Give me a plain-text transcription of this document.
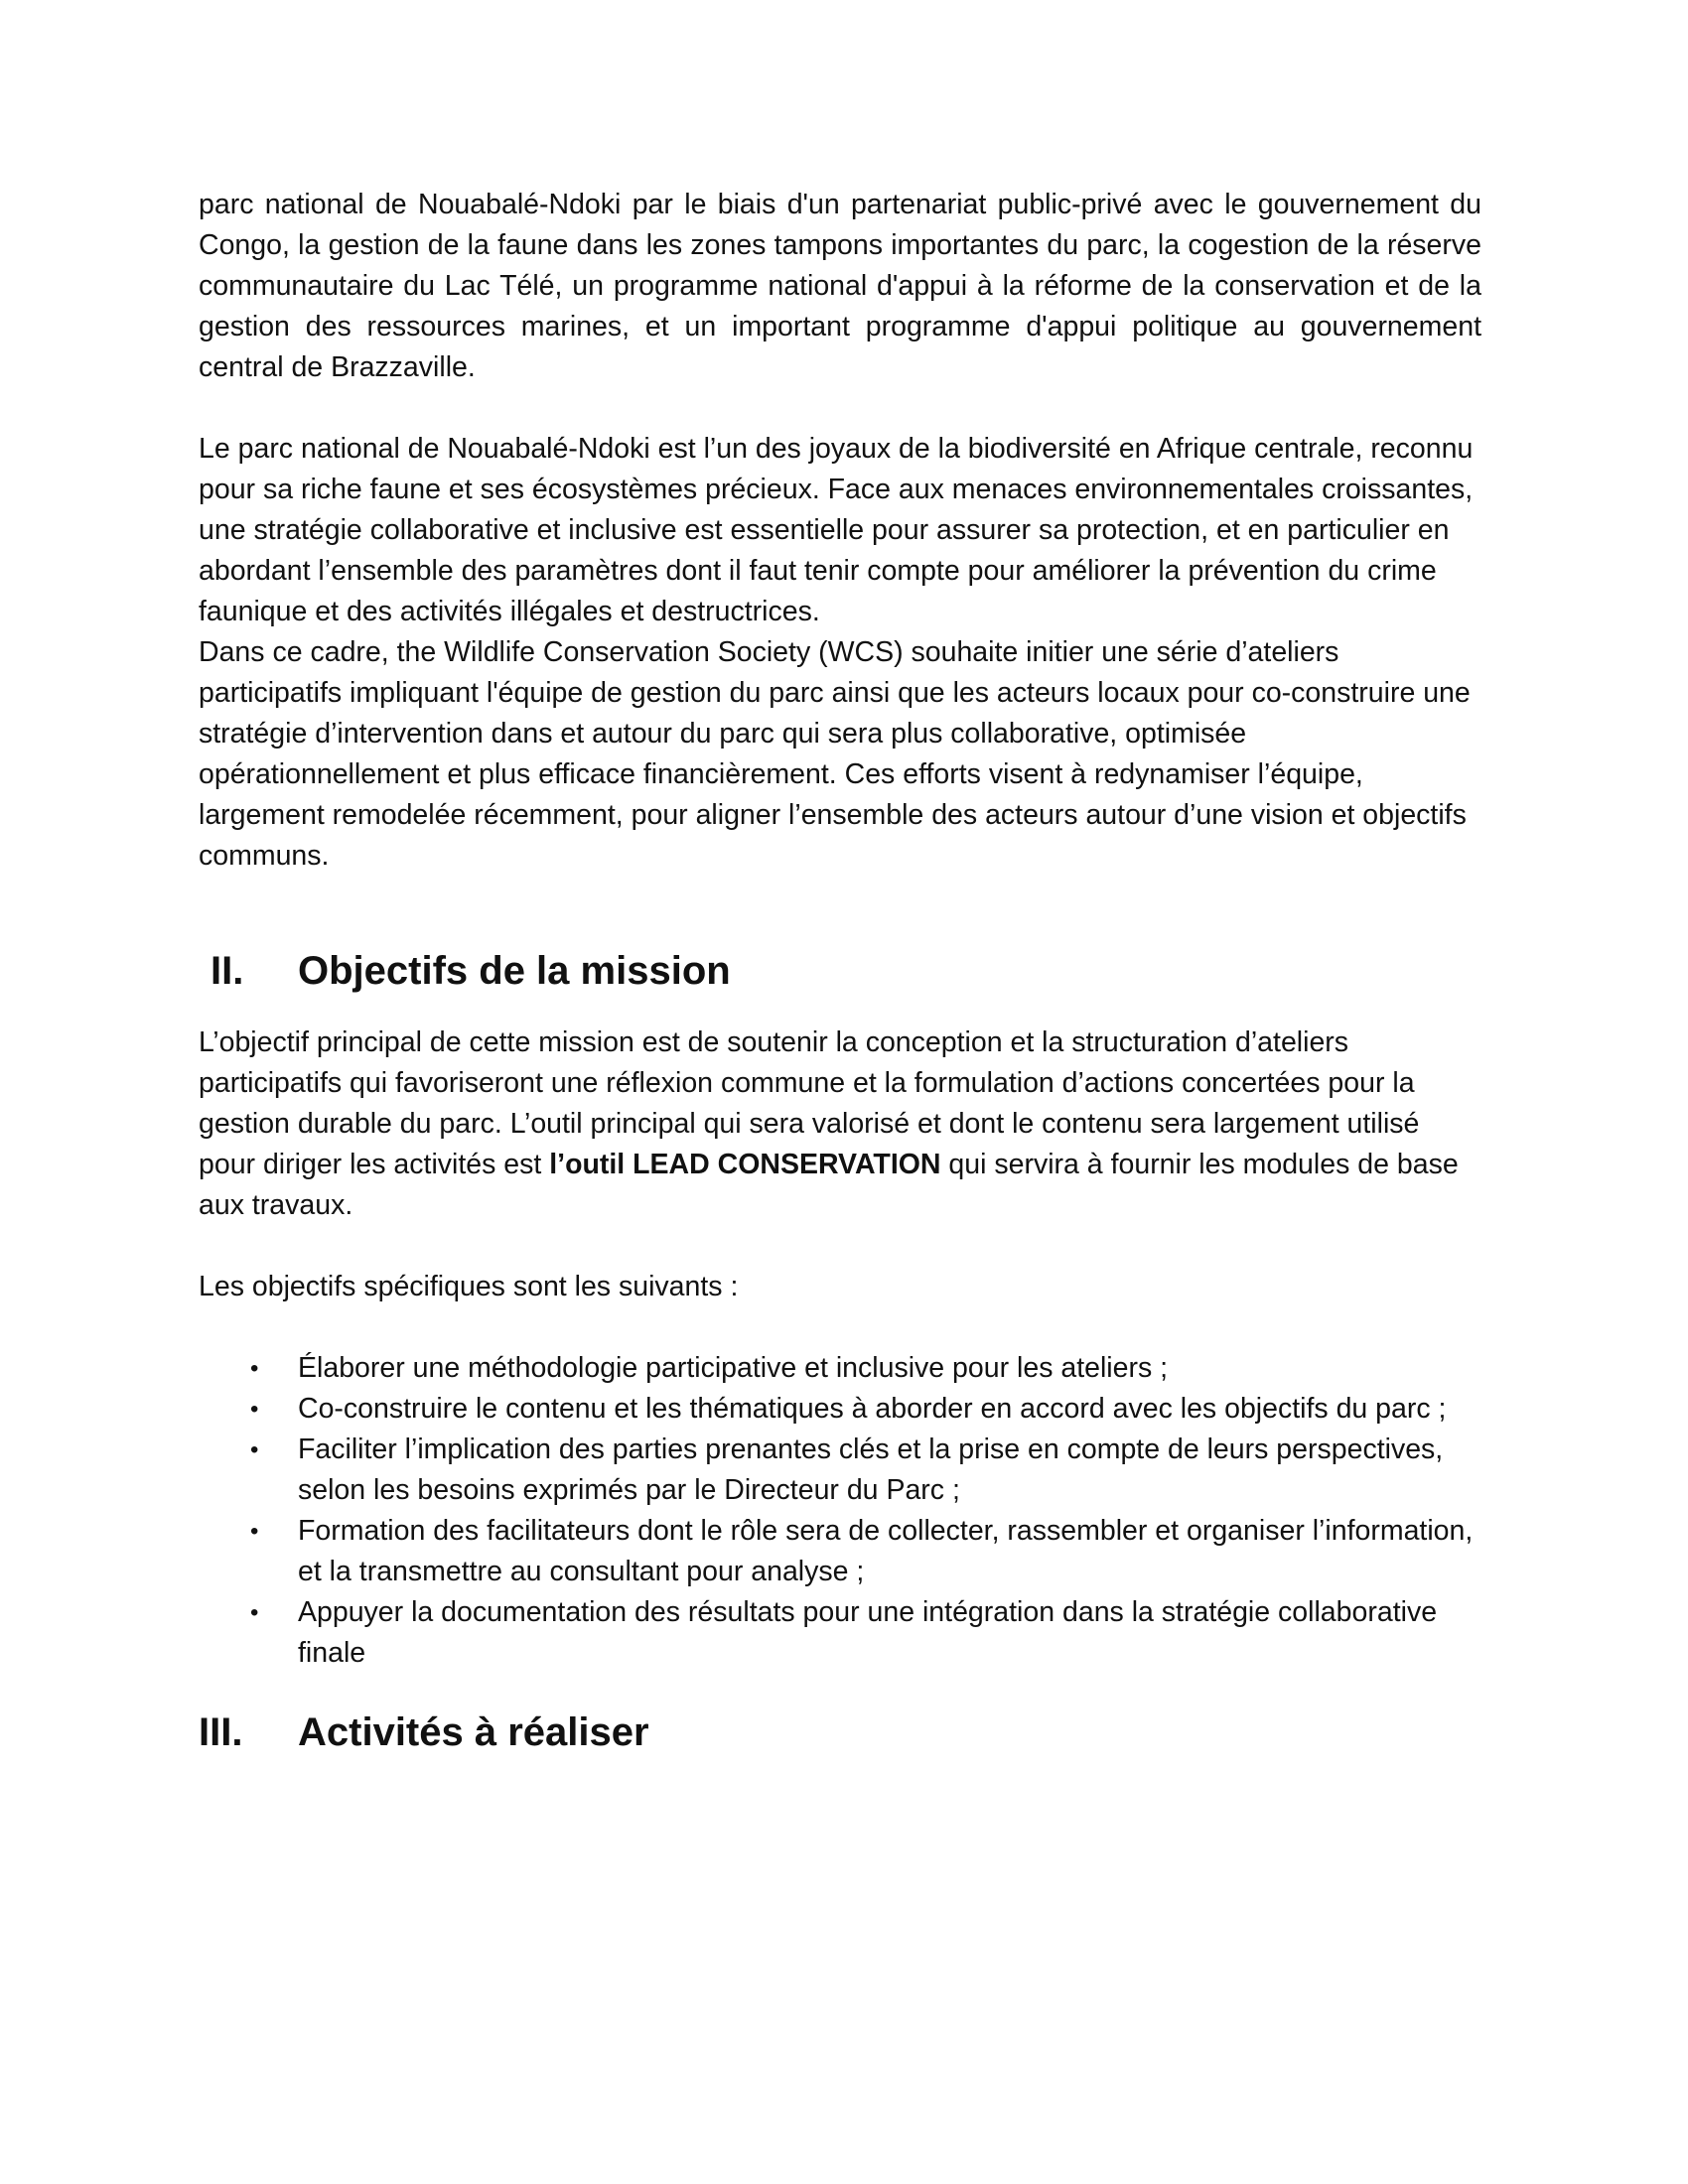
parc national de Nouabalé-Ndoki par le biais d'un partenariat public-privé avec le gouvernement du Congo, la gestion de la faune dans les zones tampons importantes du parc, la cogestion de la réserve communautaire du Lac Télé, un programme national d'appui à la réforme de la conservation et de la gestion des ressources marines, et un important programme d'appui politique au gouvernement central de Brazzaville.

Le parc national de Nouabalé-Ndoki est l’un des joyaux de la biodiversité en Afrique centrale, reconnu pour sa riche faune et ses écosystèmes précieux. Face aux menaces environnementales croissantes, une stratégie collaborative et inclusive est essentielle pour assurer sa protection, et en particulier en abordant l’ensemble des paramètres dont il faut tenir compte pour améliorer la prévention du crime faunique et des activités illégales et destructrices.

Dans ce cadre, the Wildlife Conservation Society (WCS) souhaite initier une série d’ateliers participatifs impliquant l'équipe de gestion du parc ainsi que les acteurs locaux pour co-construire une stratégie d’intervention dans et autour du parc qui sera plus collaborative, optimisée opérationnellement et plus efficace financièrement. Ces efforts visent à redynamiser l’équipe, largement remodelée récemment, pour aligner l’ensemble des acteurs autour d’une vision et objectifs communs.

II.	Objectifs de la mission

L’objectif principal de cette mission est de soutenir la conception et la structuration d’ateliers participatifs qui favoriseront une réflexion commune et la formulation d’actions concertées pour la gestion durable du parc. L’outil principal qui sera valorisé et dont le contenu sera largement utilisé pour diriger les activités est l’outil LEAD CONSERVATION qui servira à fournir les modules de base aux travaux.

Les objectifs spécifiques sont les suivants :

• Élaborer une méthodologie participative et inclusive pour les ateliers ;
• Co-construire le contenu et les thématiques à aborder en accord avec les objectifs du parc ;
• Faciliter l’implication des parties prenantes clés et la prise en compte de leurs perspectives, selon les besoins exprimés par le Directeur du Parc ;
• Formation des facilitateurs dont le rôle sera de collecter, rassembler et organiser l’information, et la transmettre au consultant pour analyse ;
• Appuyer la documentation des résultats pour une intégration dans la stratégie collaborative finale
III.	Activités à réaliser
